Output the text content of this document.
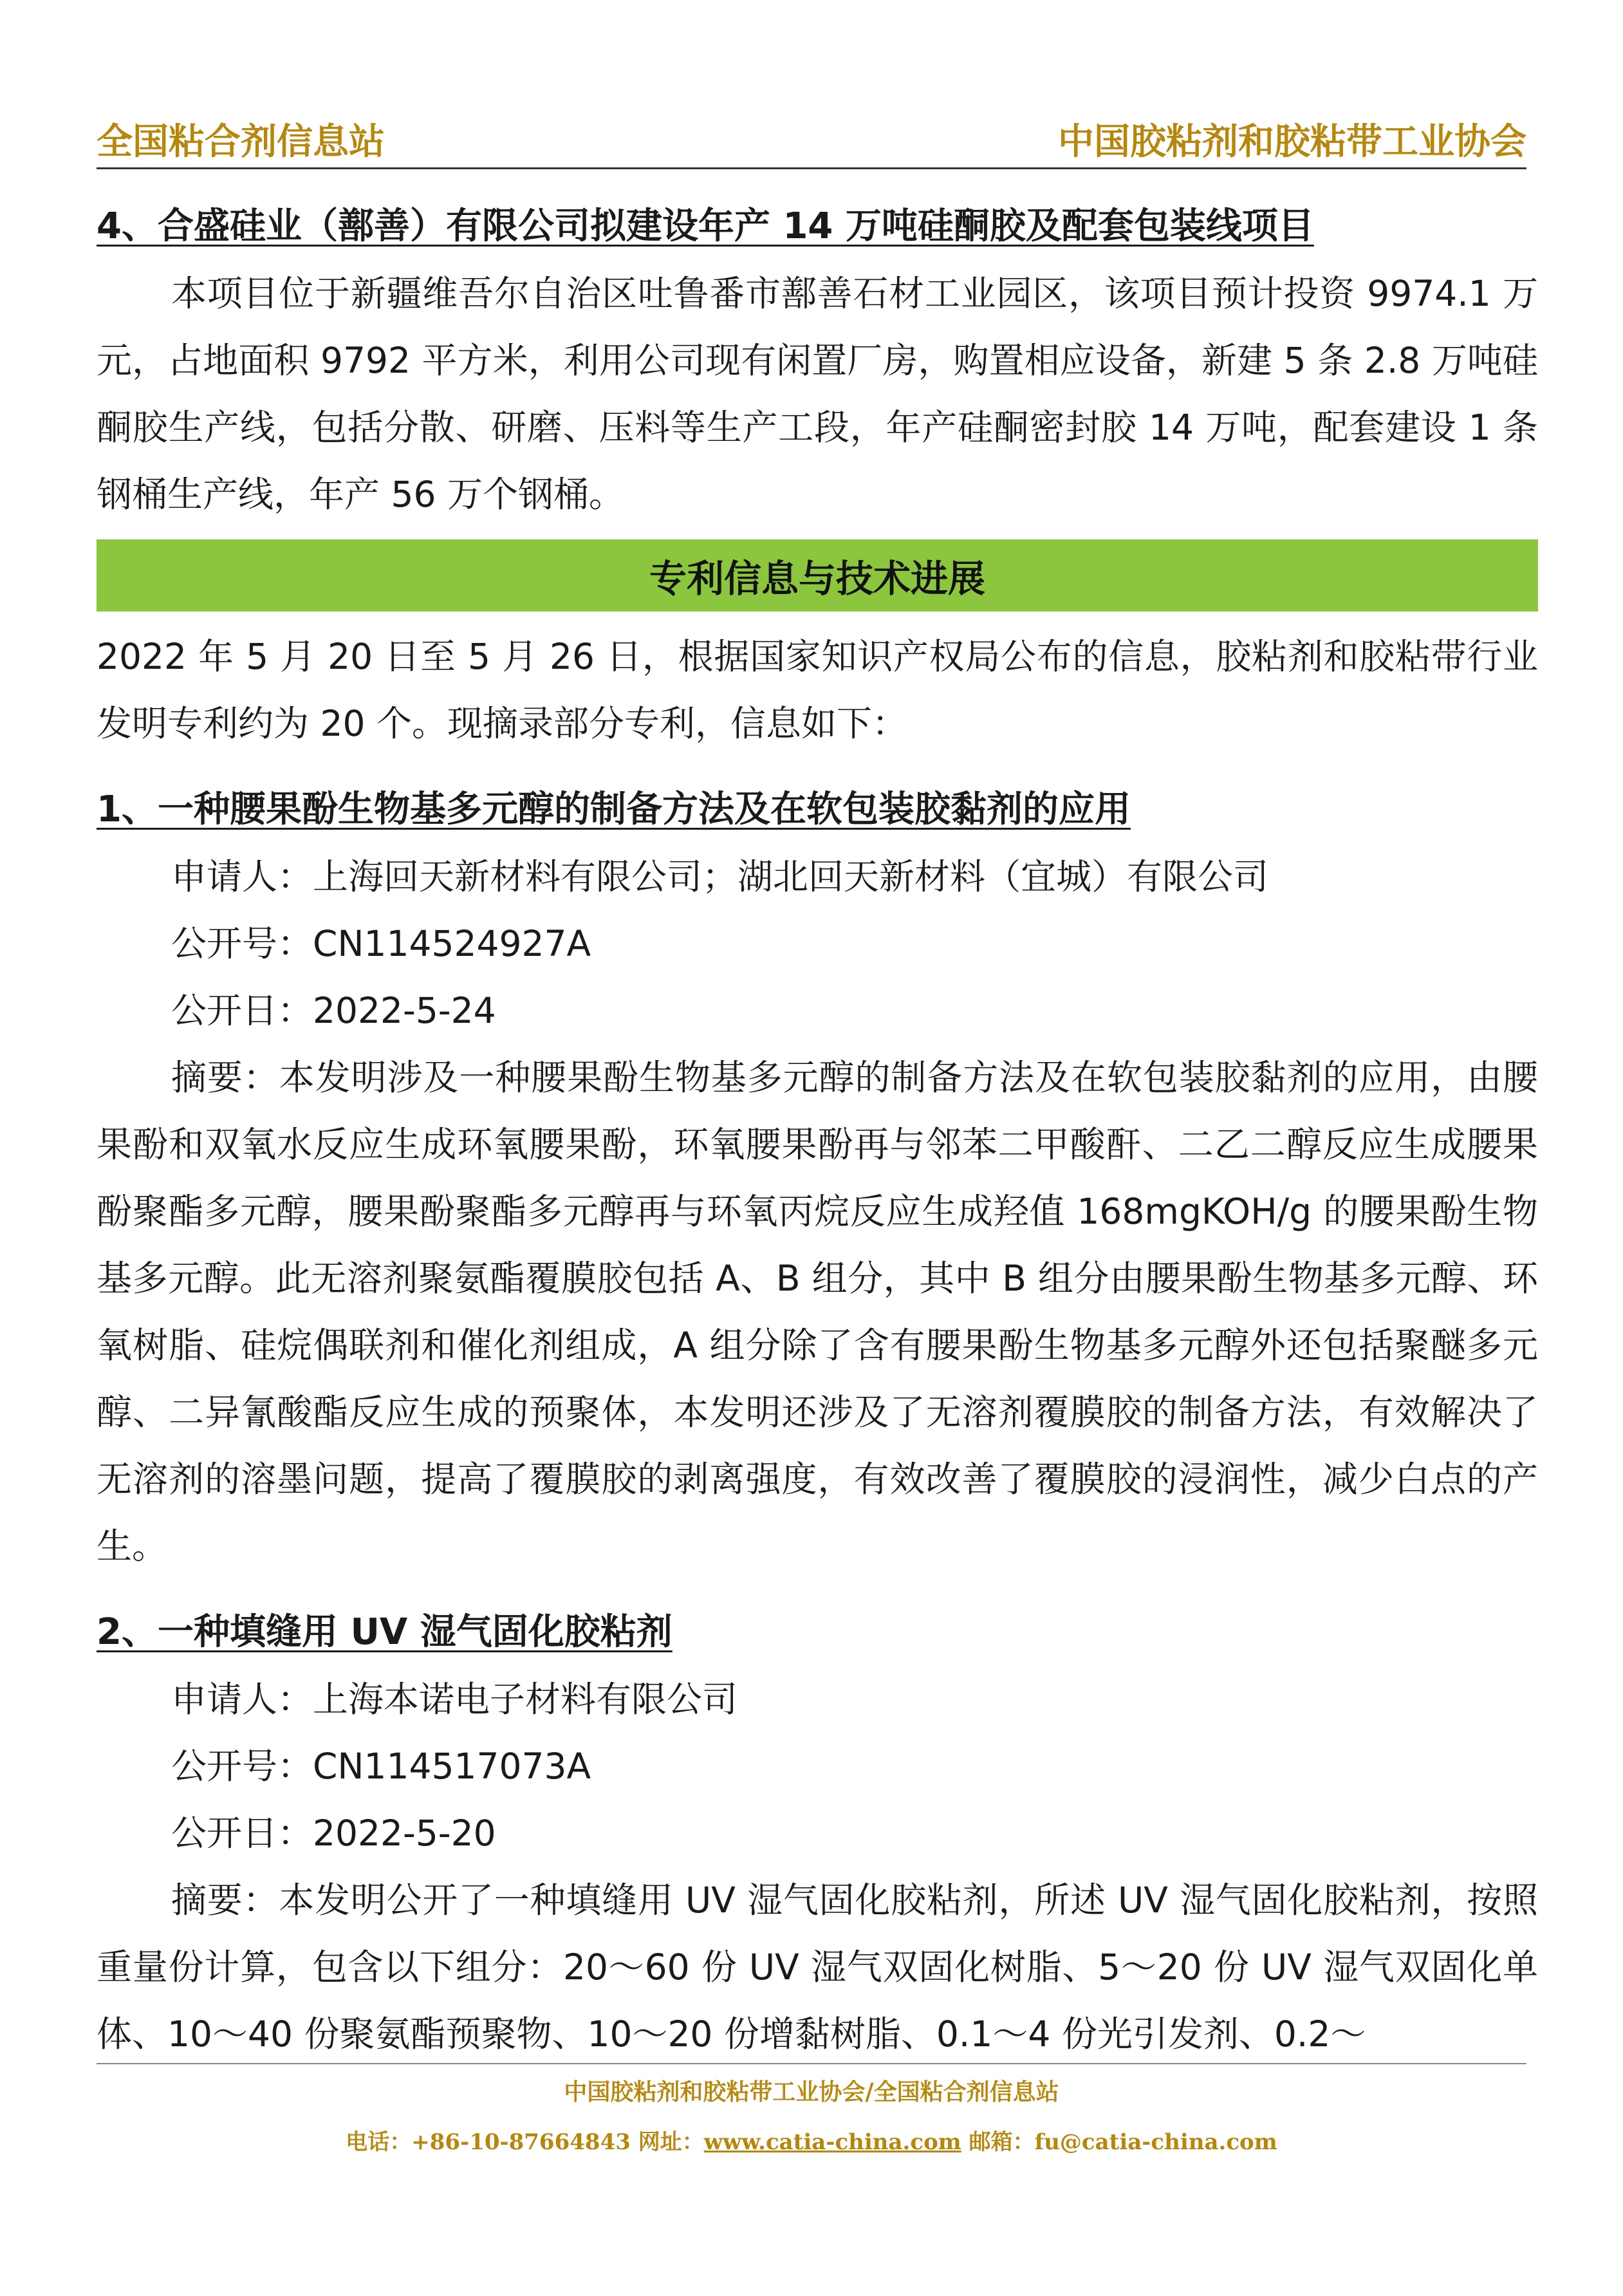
全国粘合剂信息站	中国胶粘剂和胶粘带工业协会
4、合盛硅业（鄯善）有限公司拟建设年产 14 万吨硅酮胶及配套包装线项目

本项目位于新疆维吾尔自治区吐鲁番市鄯善石材工业园区，该项目预计投资 9974.1 万元，占地面积 9792 平方米，利用公司现有闲置厂房，购置相应设备，新建 5 条 2.8 万吨硅酮胶生产线，包括分散、研磨、压料等生产工段，年产硅酮密封胶 14 万吨，配套建设 1 条钢桶生产线，年产 56 万个钢桶。

专利信息与技术进展

2022 年 5 月 20 日至 5 月 26 日，根据国家知识产权局公布的信息，胶粘剂和胶粘带行业发明专利约为 20 个。现摘录部分专利，信息如下：

1、一种腰果酚生物基多元醇的制备方法及在软包装胶黏剂的应用
申请人：上海回天新材料有限公司；湖北回天新材料（宜城）有限公司
公开号：CN114524927A
公开日：2022-5-24

摘要：本发明涉及一种腰果酚生物基多元醇的制备方法及在软包装胶黏剂的应用，由腰果酚和双氧水反应生成环氧腰果酚，环氧腰果酚再与邻苯二甲酸酐、二乙二醇反应生成腰果酚聚酯多元醇，腰果酚聚酯多元醇再与环氧丙烷反应生成羟值 168mgKOH/g 的腰果酚生物基多元醇。此无溶剂聚氨酯覆膜胶包括 A、B 组分，其中 B 组分由腰果酚生物基多元醇、环氧树脂、硅烷偶联剂和催化剂组成，A 组分除了含有腰果酚生物基多元醇外还包括聚醚多元醇、二异氰酸酯反应生成的预聚体，本发明还涉及了无溶剂覆膜胶的制备方法，有效解决了无溶剂的溶墨问题，提高了覆膜胶的剥离强度，有效改善了覆膜胶的浸润性，减少白点的产生。

2、一种填缝用 UV 湿气固化胶粘剂
申请人：上海本诺电子材料有限公司
公开号：CN114517073A
公开日：2022-5-20

摘要：本发明公开了一种填缝用 UV 湿气固化胶粘剂，所述 UV 湿气固化胶粘剂，按照重量份计算，包含以下组分：20～60 份 UV 湿气双固化树脂、5～20 份 UV 湿气双固化单体、10～40 份聚氨酯预聚物、10～20 份增黏树脂、0.1～4 份光引发剂、0.2～

中国胶粘剂和胶粘带工业协会/全国粘合剂信息站
电话：+86-10-87664843 网址：www.catia-china.com 邮箱：fu@catia-china.com
